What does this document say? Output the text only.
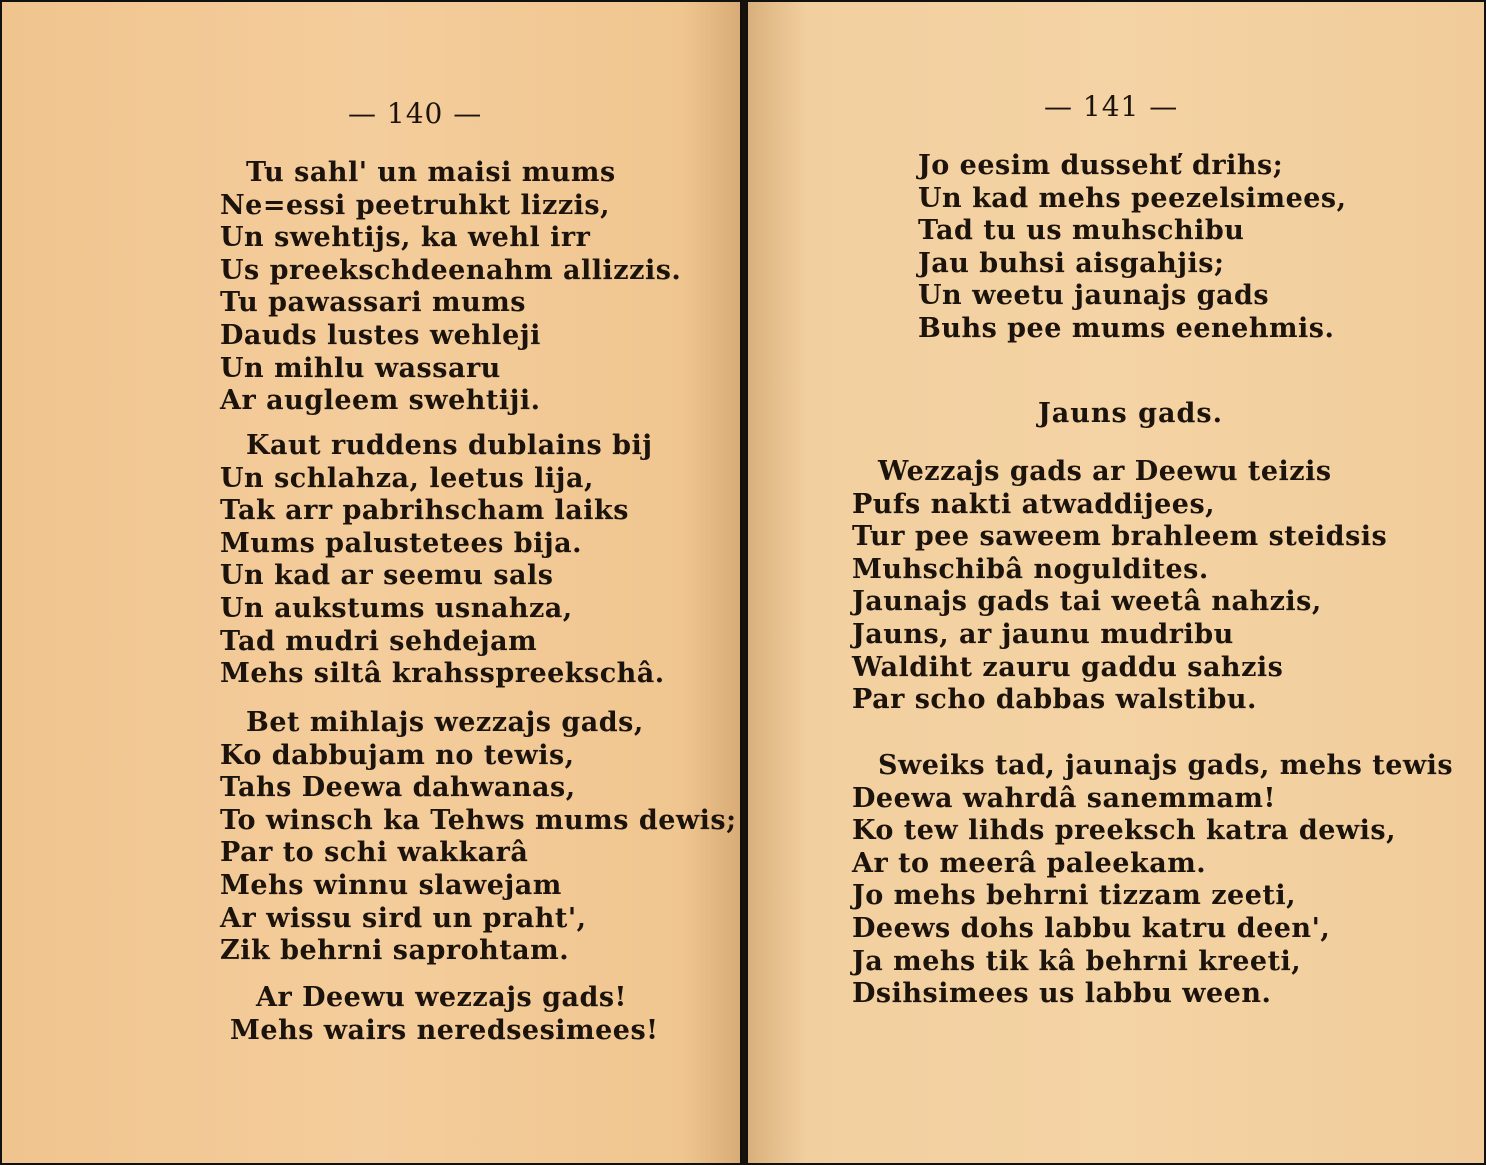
— 140 —
Tu sahl' un maisi mums
Ne=essi peetruhkt lizzis,
Un swehtijs, ka wehl irr
Us preekschdeenahm allizzis.
Tu pawassari mums
Dauds lustes wehleji
Un mihlu wassaru
Ar augleem swehtiji.
Kaut ruddens dublains bij
Un schlahza, leetus lija,
Tak arr pabrihscham laiks
Mums palustetees bija.
Un kad ar seemu sals
Un aukstums usnahza,
Tad mudri sehdejam
Mehs siltâ krahsspreekschâ.
Bet mihlajs wezzajs gads,
Ko dabbujam no tewis,
Tahs Deewa dahwanas,
To winsch ka Tehws mums dewis;
Par to schi wakkarâ
Mehs winnu slawejam
Ar wissu sird un praht',
Zik behrni saprohtam.
Ar Deewu wezzajs gads!
Mehs wairs neredsesimees!
— 141 —
Jo eesim dussehť drihs;
Un kad mehs peezelsimees,
Tad tu us muhschibu
Jau buhsi aisgahjis;
Un weetu jaunajs gads
Buhs pee mums eenehmis.
Jauns gads.
Wezzajs gads ar Deewu teizis
Pufs nakti atwaddijees,
Tur pee saweem brahleem steidsis
Muhschibâ noguldites.
Jaunajs gads tai weetâ nahzis,
Jauns, ar jaunu mudribu
Waldiht zauru gaddu sahzis
Par scho dabbas walstibu.
Sweiks tad, jaunajs gads, mehs tewis
Deewa wahrdâ sanemmam!
Ko tew lihds preeksch katra dewis,
Ar to meerâ paleekam.
Jo mehs behrni tizzam zeeti,
Deews dohs labbu katru deen',
Ja mehs tik kâ behrni kreeti,
Dsihsimees us labbu ween.
